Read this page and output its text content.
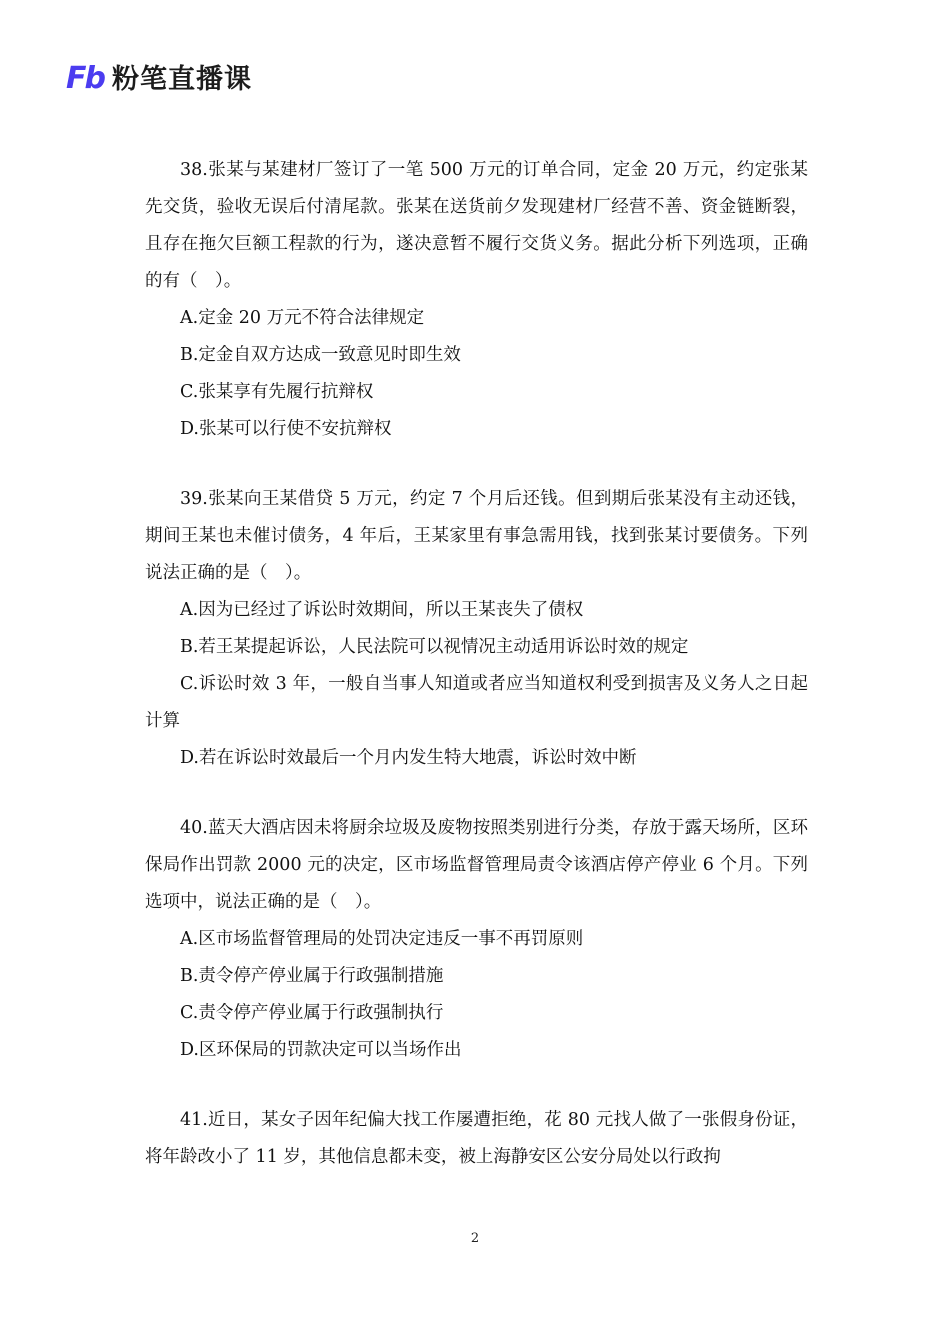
Fb 粉笔直播课

38.张某与某建材厂签订了一笔 500 万元的订单合同，定金 20 万元，约定张某先交货，验收无误后付清尾款。张某在送货前夕发现建材厂经营不善、资金链断裂，且存在拖欠巨额工程款的行为，遂决意暂不履行交货义务。据此分析下列选项，正确的有（　）。

A.定金 20 万元不符合法律规定

B.定金自双方达成一致意见时即生效

C.张某享有先履行抗辩权

D.张某可以行使不安抗辩权

39.张某向王某借贷 5 万元，约定 7 个月后还钱。但到期后张某没有主动还钱，期间王某也未催讨债务，4 年后，王某家里有事急需用钱，找到张某讨要债务。下列说法正确的是（　）。

A.因为已经过了诉讼时效期间，所以王某丧失了债权

B.若王某提起诉讼，人民法院可以视情况主动适用诉讼时效的规定

C.诉讼时效 3 年，一般自当事人知道或者应当知道权利受到损害及义务人之日起计算

D.若在诉讼时效最后一个月内发生特大地震，诉讼时效中断

40.蓝天大酒店因未将厨余垃圾及废物按照类别进行分类，存放于露天场所，区环保局作出罚款 2000 元的决定，区市场监督管理局责令该酒店停产停业 6 个月。下列选项中，说法正确的是（　）。

A.区市场监督管理局的处罚决定违反一事不再罚原则

B.责令停产停业属于行政强制措施

C.责令停产停业属于行政强制执行

D.区环保局的罚款决定可以当场作出

41.近日，某女子因年纪偏大找工作屡遭拒绝，花 80 元找人做了一张假身份证，将年龄改小了 11 岁，其他信息都未变，被上海静安区公安分局处以行政拘

2
